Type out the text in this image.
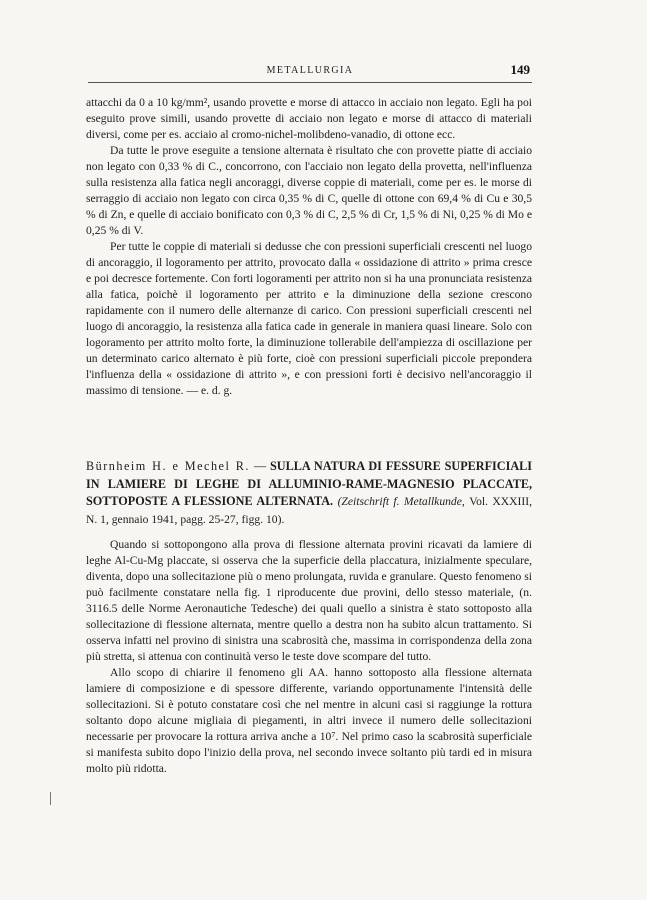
METALLURGIA	149

attacchi da 0 a 10 kg/mm², usando provette e morse di attacco in acciaio non legato. Egli ha poi eseguito prove simili, usando provette di acciaio non legato e morse di attacco di materiali diversi, come per es. acciaio al cromo-nichel-molibdeno-vanadio, di ottone ecc.

Da tutte le prove eseguite a tensione alternata è risultato che con provette piatte di acciaio non legato con 0,33 % di C., concorrono, con l'acciaio non legato della provetta, nell'influenza sulla resistenza alla fatica negli ancoraggi, diverse coppie di materiali, come per es. le morse di serraggio di acciaio non legato con circa 0,35 % di C, quelle di ottone con 69,4 % di Cu e 30,5 % di Zn, e quelle di acciaio bonificato con 0,3 % di C, 2,5 % di Cr, 1,5 % di Ni, 0,25 % di Mo e 0,25 % di V.

Per tutte le coppie di materiali si dedusse che con pressioni superficiali crescenti nel luogo di ancoraggio, il logoramento per attrito, provocato dalla « ossidazione di attrito » prima cresce e poi decresce fortemente. Con forti logoramenti per attrito non si ha una pronunciata resistenza alla fatica, poichè il logoramento per attrito e la diminuzione della sezione crescono rapidamente con il numero delle alternanze di carico. Con pressioni superficiali crescenti nel luogo di ancoraggio, la resistenza alla fatica cade in generale in maniera quasi lineare. Solo con logoramento per attrito molto forte, la diminuzione tollerabile dell'ampiezza di oscillazione per un determinato carico alternato è più forte, cioè con pressioni superficiali piccole prepondera l'influenza della « ossidazione di attrito », e con pressioni forti è decisivo nell'ancoraggio il massimo di tensione. — e. d. g.

Bürnheim H. e Mechel R. — SULLA NATURA DI FESSURE SUPERFICIALI IN LAMIERE DI LEGHE DI ALLUMINIO-RAME-MAGNESIO PLACCATE, SOTTOPOSTE A FLESSIONE ALTERNATA. (Zeitschrift f. Metallkunde, Vol. XXXIII, N. 1, gennaio 1941, pagg. 25-27, figg. 10).

Quando si sottopongono alla prova di flessione alternata provini ricavati da lamiere di leghe Al-Cu-Mg placcate, si osserva che la superficie della placcatura, inizialmente speculare, diventa, dopo una sollecitazione più o meno prolungata, ruvida e granulare. Questo fenomeno si può facilmente constatare nella fig. 1 riproducente due provini, dello stesso materiale, (n. 3116.5 delle Norme Aeronautiche Tedesche) dei quali quello a sinistra è stato sottoposto alla sollecitazione di flessione alternata, mentre quello a destra non ha subito alcun trattamento. Si osserva infatti nel provino di sinistra una scabrosità che, massima in corrispondenza della zona più stretta, si attenua con continuità verso le teste dove scompare del tutto.

Allo scopo di chiarire il fenomeno gli AA. hanno sottoposto alla flessione alternata lamiere di composizione e di spessore differente, variando opportunamente l'intensità delle sollecitazioni. Si è potuto constatare così che nel mentre in alcuni casi si raggiunge la rottura soltanto dopo alcune migliaia di piegamenti, in altri invece il numero delle sollecitazioni necessarie per provocare la rottura arriva anche a 10⁷. Nel primo caso la scabrosità superficiale si manifesta subito dopo l'inizio della prova, nel secondo invece soltanto più tardi ed in misura molto più ridotta.
